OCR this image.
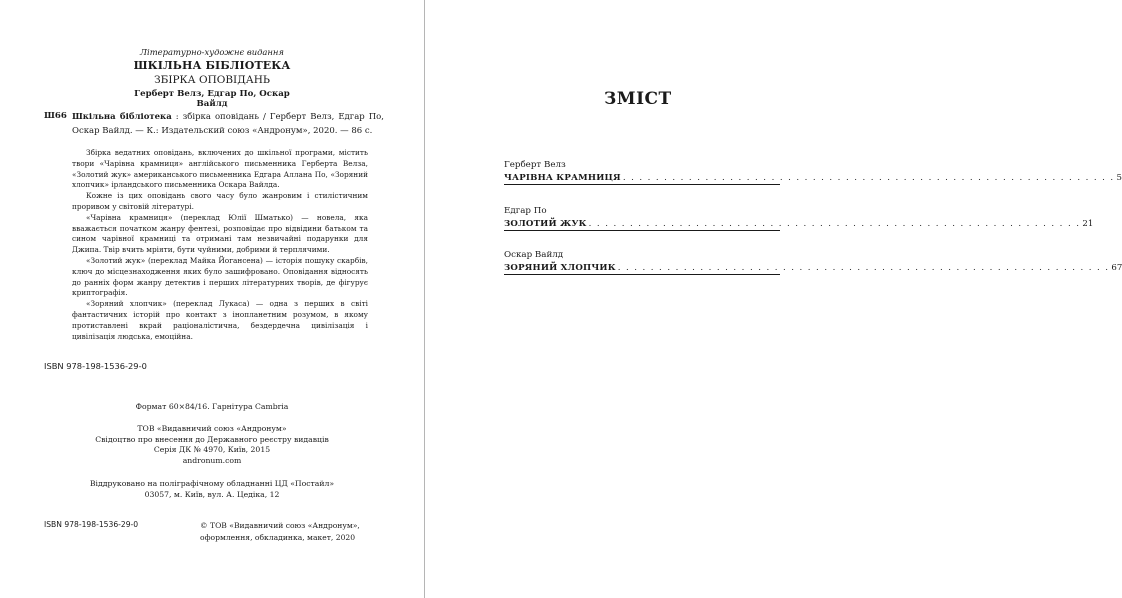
Літературно-художнє видання
ШКІЛЬНА БІБЛІОТЕКА
ЗБІРКА ОПОВІДАНЬ
Герберт Велз, Едгар По, Оскар Вайлд
Ш66 Шкільна бібліотека : збірка оповідань / Герберт Велз, Едгар По, Оскар Вайлд. — К.: Издательский союз «Андронум», 2020. — 86 с.

Збірка ведатних оповідань, включених до шкільної програми, містить твори «Чарівна крамниця» англійського письменника Герберта Велза, «Золотий жук» американського письменника Едгара Аллана По, «Зоряний хлопчик» ірландського письменника Оскара Вайлда.

Кожне із цих оповідань свого часу було жанровим і стилістичним проривом у світовій літературі.

«Чарівна крамниця» (переклад Юлії Шматько) — новела, яка вважається початком жанру фентезі, розповідає про відвідини батьком та сином чарівної крамниці та отримані там незвичайні подарунки для Джипа. Твір вчить мріяти, бути чуйними, добрими й терплячими.

«Золотий жук» (переклад Майка Йогансена) — історія пошуку скарбів, ключ до місцезнаходження яких було зашифровано. Оповідання відносять до ранніх форм жанру детектив і перших літературних творів, де фігурує криптографія.

«Зоряний хлопчик» (переклад Лукаса) — одна з перших в світі фантастичних історій про контакт з інопланетним розумом, в якому протиставлені вкрай раціоналістична, бездердечна цивілізація і цивілізація людська, емоційна.

ISBN 978-198-1536-29-0
Формат 60×84/16. Гарнітура Cambria
ТОВ «Видавничий союз «Андронум»
Свідоцтво про внесення до Державного реєстру видавців
Серія ДК № 4970, Київ, 2015
andronum.com
Віддруковано на поліграфічному обладнанні ЦД «Постайл»
03057, м. Київ, вул. А. Цедіка, 12
ISBN 978-198-1536-29-0	© ТОВ «Видавничий союз «Андронум», оформлення, обкладинка, макет, 2020
ЗМІСТ
Герберт Велз
ЧАРІВНА КРАМНИЦЯ . . . . . . . . . . . . . . . . . . . . . . . . . . . . . . . . . . . . . . . . . . . . . . . . . . . . . . . . . . . . 5
Едгар По
ЗОЛОТИЙ ЖУК . . . . . . . . . . . . . . . . . . . . . . . . . . . . . . . . . . . . . . . . . . . . . . . . . . . . . . . . . . . . 21
Оскар Вайлд
ЗОРЯНИЙ ХЛОПЧИК . . . . . . . . . . . . . . . . . . . . . . . . . . . . . . . . . . . . . . . . . . . . . . . . . . . . . . . . . . . . 67
